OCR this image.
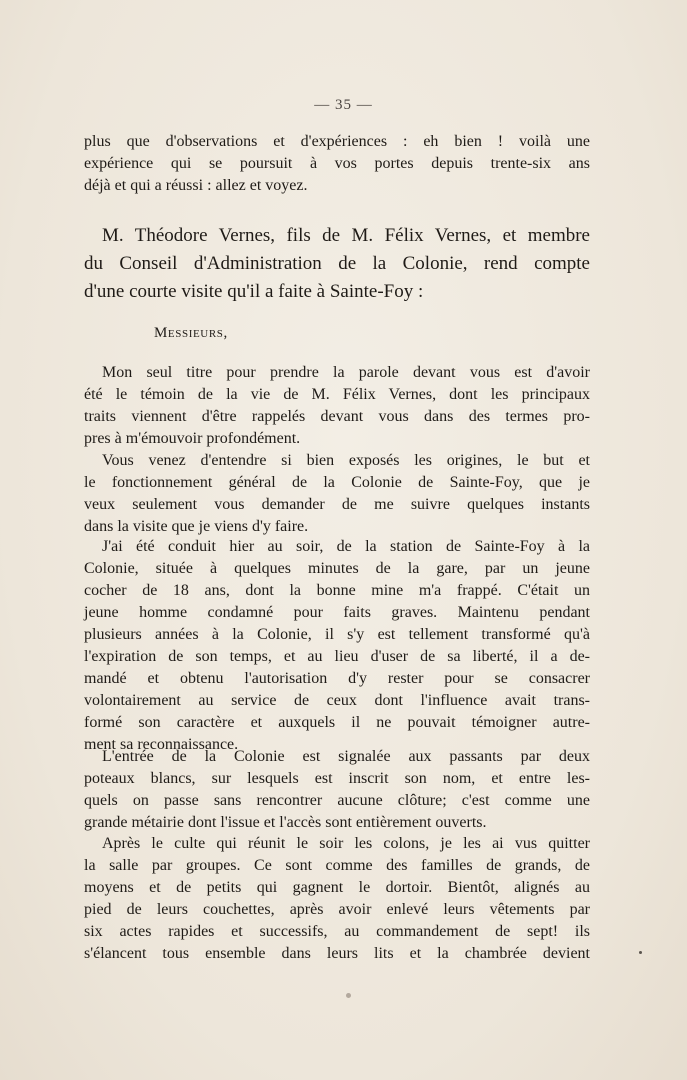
— 35 —
plus que d'observations et d'expériences : eh bien ! voilà une
expérience qui se poursuit à vos portes depuis trente-six ans
déjà et qui a réussi : allez et voyez.
M. Théodore Vernes, fils de M. Félix Vernes, et membre
du Conseil d'Administration de la Colonie, rend compte
d'une courte visite qu'il a faite à Sainte-Foy :
Messieurs,
Mon seul titre pour prendre la parole devant vous est d'avoir
été le témoin de la vie de M. Félix Vernes, dont les principaux
traits viennent d'être rappelés devant vous dans des termes pro-
pres à m'émouvoir profondément.
Vous venez d'entendre si bien exposés les origines, le but et
le fonctionnement général de la Colonie de Sainte-Foy, que je
veux seulement vous demander de me suivre quelques instants
dans la visite que je viens d'y faire.
J'ai été conduit hier au soir, de la station de Sainte-Foy à la
Colonie, située à quelques minutes de la gare, par un jeune
cocher de 18 ans, dont la bonne mine m'a frappé. C'était un
jeune homme condamné pour faits graves. Maintenu pendant
plusieurs années à la Colonie, il s'y est tellement transformé qu'à
l'expiration de son temps, et au lieu d'user de sa liberté, il a de-
mandé et obtenu l'autorisation d'y rester pour se consacrer
volontairement au service de ceux dont l'influence avait trans-
formé son caractère et auxquels il ne pouvait témoigner autre-
ment sa reconnaissance.
L'entrée de la Colonie est signalée aux passants par deux
poteaux blancs, sur lesquels est inscrit son nom, et entre les-
quels on passe sans rencontrer aucune clôture; c'est comme une
grande métairie dont l'issue et l'accès sont entièrement ouverts.
Après le culte qui réunit le soir les colons, je les ai vus quitter
la salle par groupes. Ce sont comme des familles de grands, de
moyens et de petits qui gagnent le dortoir. Bientôt, alignés au
pied de leurs couchettes, après avoir enlevé leurs vêtements par
six actes rapides et successifs, au commandement de sept! ils
s'élancent tous ensemble dans leurs lits et la chambrée devient
